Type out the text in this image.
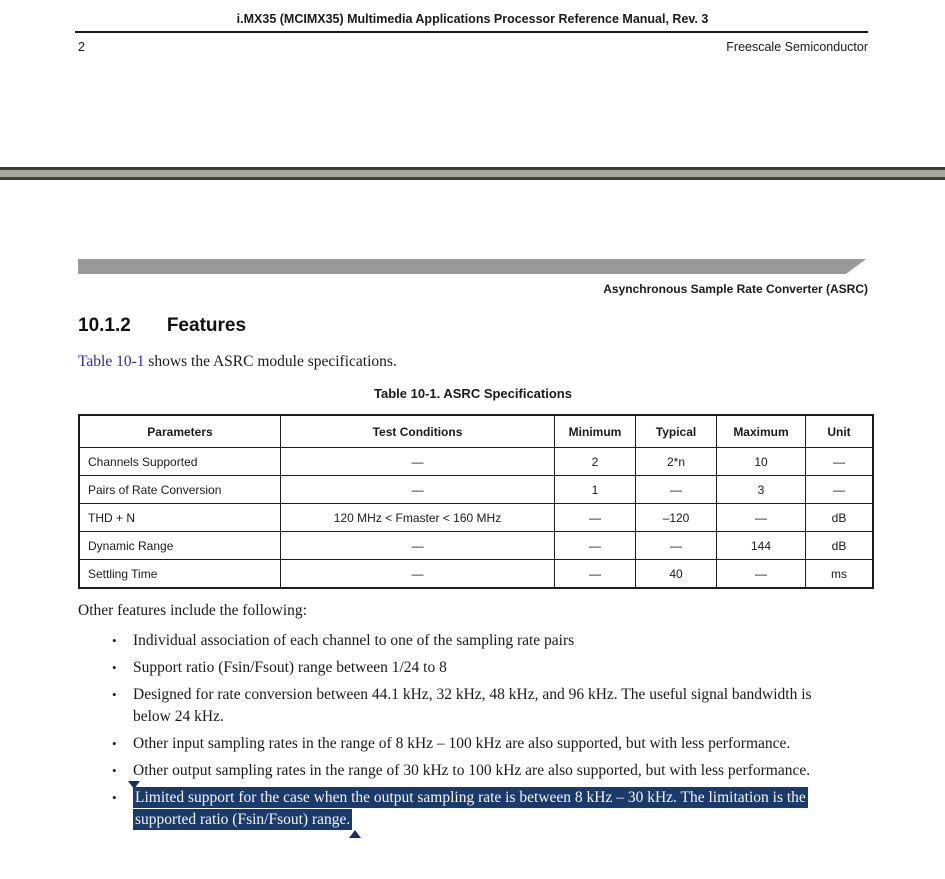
i.MX35 (MCIMX35) Multimedia Applications Processor Reference Manual, Rev. 3
2	Freescale Semiconductor
Asynchronous Sample Rate Converter (ASRC)
10.1.2 Features

Table 10-1 shows the ASRC module specifications.

Table 10-1. ASRC Specifications
Parameters	Test Conditions	Minimum	Typical	Maximum	Unit
Channels Supported	—	2	2*n	10	—
Pairs of Rate Conversion	—	1	—	3	—
THD + N	120 MHz < Fmaster < 160 MHz	—	–120	—	dB
Dynamic Range	—	—	—	144	dB
Settling Time	—	—	40	—	ms

Other features include the following:

• Individual association of each channel to one of the sampling rate pairs
• Support ratio (Fsin/Fsout) range between 1/24 to 8
• Designed for rate conversion between 44.1 kHz, 32 kHz, 48 kHz, and 96 kHz. The useful signal bandwidth is below 24 kHz.
• Other input sampling rates in the range of 8 kHz – 100 kHz are also supported, but with less performance.
• Other output sampling rates in the range of 30 kHz to 100 kHz are also supported, but with less performance.
• Limited support for the case when the output sampling rate is between 8 kHz – 30 kHz. The limitation is the supported ratio (Fsin/Fsout) range.
